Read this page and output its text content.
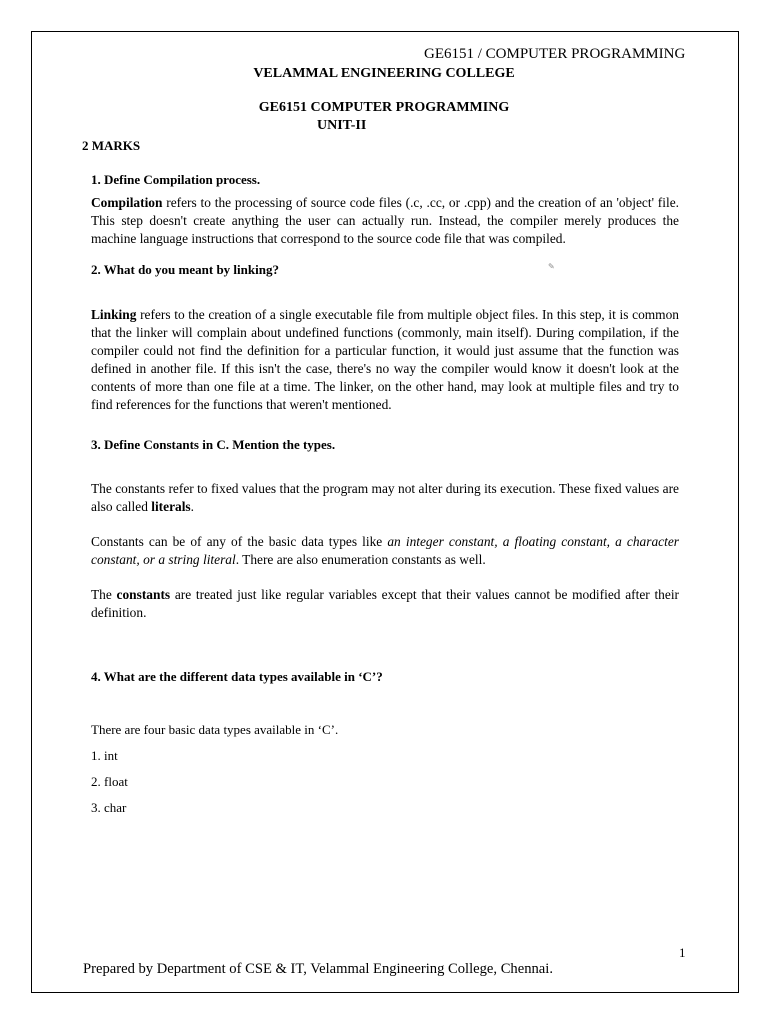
GE6151 / COMPUTER PROGRAMMING
VELAMMAL ENGINEERING COLLEGE
GE6151 COMPUTER PROGRAMMING
UNIT-II
2 MARKS
1. Define Compilation process.
Compilation refers to the processing of source code files (.c, .cc, or .cpp) and the creation of an 'object' file. This step doesn't create anything the user can actually run. Instead, the compiler merely produces the machine language instructions that correspond to the source code file that was compiled.
2. What do you meant by linking?	✎
Linking refers to the creation of a single executable file from multiple object files. In this step, it is common that the linker will complain about undefined functions (commonly, main itself). During compilation, if the compiler could not find the definition for a particular function, it would just assume that the function was defined in another file. If this isn't the case, there's no way the compiler would know it doesn't look at the contents of more than one file at a time. The linker, on the other hand, may look at multiple files and try to find references for the functions that weren't mentioned.
3. Define Constants in C. Mention the types.
The constants refer to fixed values that the program may not alter during its execution. These fixed values are also called literals.
Constants can be of any of the basic data types like an integer constant, a floating constant, a character constant, or a string literal. There are also enumeration constants as well.
The constants are treated just like regular variables except that their values cannot be modified after their definition.
4. What are the different data types available in ‘C’?
There are four basic data types available in ‘C’.
1. int
2. float
3. char
1
Prepared by Department of CSE & IT, Velammal Engineering College, Chennai.
